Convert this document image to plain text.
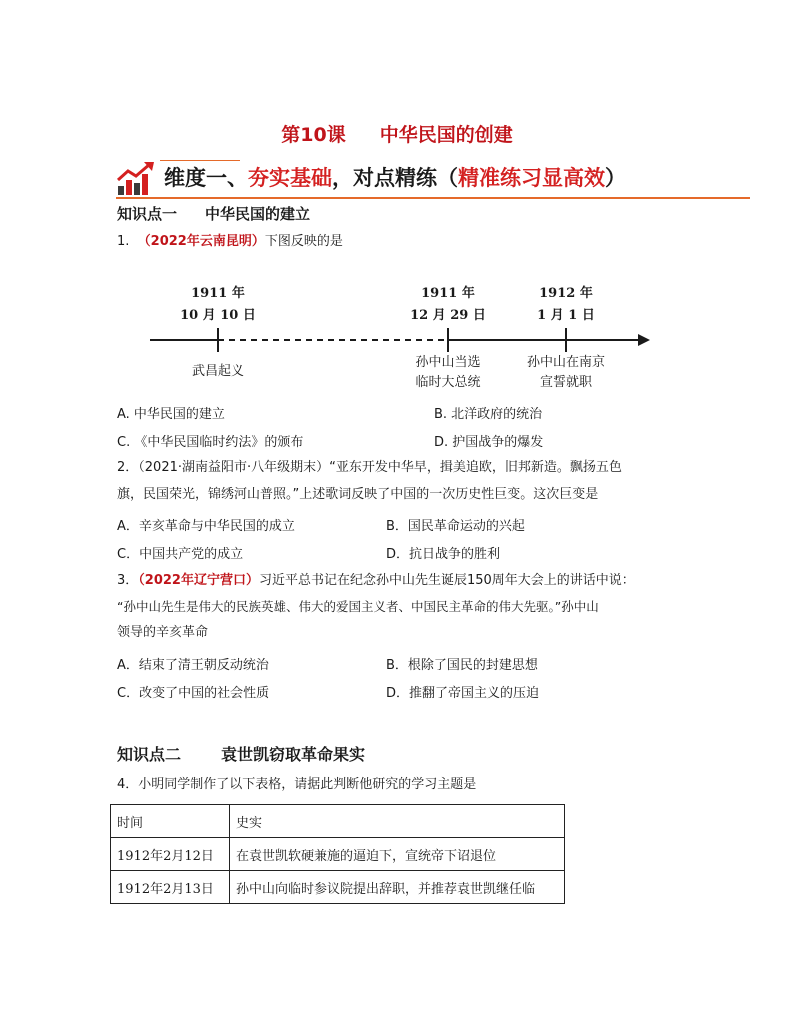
第10课 中华民国的创建
维度一、夯实基础，对点精练（精准练习显高效）
知识点一 中华民国的建立
1. （2022年云南昆明）下图反映的是
1911 年
10 月 10 日
1911 年
12 月 29 日
1912 年
1 月 1 日
武昌起义
孙中山当选
临时大总统
孙中山在南京
宣誓就职
A. 中华民国的建立	B. 北洋政府的统治
C. 《中华民国临时约法》的颁布	D. 护国战争的爆发
2．（2021·湖南益阳市·八年级期末）“亚东开发中华早，揖美追欧，旧邦新造。飘扬五色
旗，民国荣光，锦绣河山普照。”上述歌词反映了中国的一次历史性巨变。这次巨变是
A．辛亥革命与中华民国的成立	B．国民革命运动的兴起
C．中国共产党的成立	D．抗日战争的胜利
3．（2022年辽宁营口）习近平总书记在纪念孙中山先生诞辰150周年大会上的讲话中说：
“孙中山先生是伟大的民族英雄、伟大的爱国主义者、中国民主革命的伟大先驱。”孙中山
领导的辛亥革命
A．结束了清王朝反动统治	B．根除了国民的封建思想
C．改变了中国的社会性质	D．推翻了帝国主义的压迫
知识点二	袁世凯窃取革命果实
4．小明同学制作了以下表格，请据此判断他研究的学习主题是
时间	史实
1912年2月12日	在袁世凯软硬兼施的逼迫下，宣统帝下诏退位
1912年2月13日	孙中山向临时参议院提出辞职，并推荐袁世凯继任临
